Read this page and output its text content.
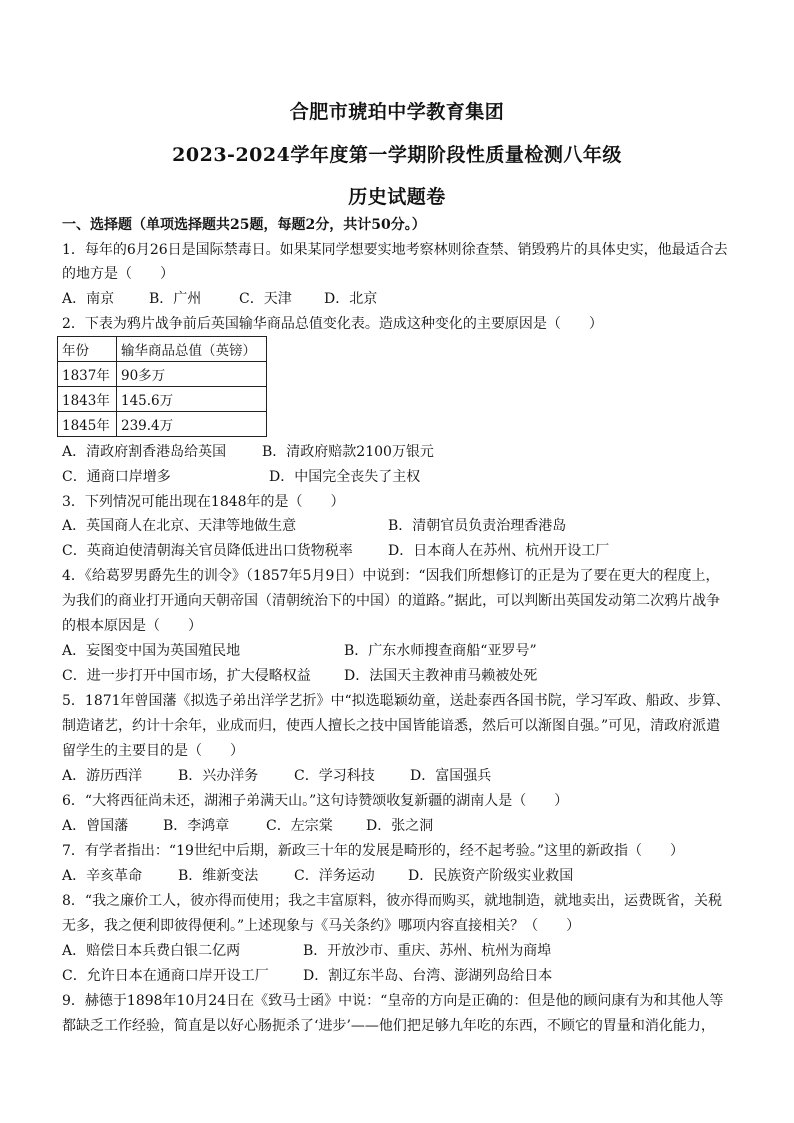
合肥市琥珀中学教育集团
2023-2024学年度第一学期阶段性质量检测八年级
历史试题卷
一、选择题（单项选择题共25题，每题2分，共计50分。）
1．每年的6月26日是国际禁毒日。如果某同学想要实地考察林则徐查禁、销毁鸦片的具体史实，他最适合去
的地方是（　　）
A．南京 B．广州	C．天津 D．北京
2．下表为鸦片战争前后英国输华商品总值变化表。造成这种变化的主要原因是（　　）
年份	输华商品总值（英镑）
1837年	90多万
1843年	145.6万
1845年	239.4万
A．清政府割香港岛给英国	B．清政府赔款2100万银元
C．通商口岸增多	D．中国完全丧失了主权
3．下列情况可能出现在1848年的是（　　）
A．英国商人在北京、天津等地做生意	B．清朝官员负责治理香港岛
C．英商迫使清朝海关官员降低进出口货物税率	D．日本商人在苏州、杭州开设工厂
4．《给葛罗男爵先生的训令》（1857年5月9日）中说到：“因我们所想修订的正是为了要在更大的程度上，
为我们的商业打开通向天朝帝国（清朝统治下的中国）的道路。”据此，可以判断出英国发动第二次鸦片战争
的根本原因是（　　）
A．妄图变中国为英国殖民地	B．广东水师搜查商船“亚罗号”
C．进一步打开中国市场，扩大侵略权益 D．法国天主教神甫马赖被处死
5．1871年曾国藩《拟选子弟出洋学艺折》中“拟选聪颖幼童，送赴泰西各国书院，学习军政、船政、步算、
制造诸艺，约计十余年，业成而归，使西人擅长之技中国皆能谙悉，然后可以渐图自强。”可见，清政府派遣
留学生的主要目的是（　　）
A．游历西洋	B．兴办洋务	C．学习科技	D．富国强兵
6．“大将西征尚未还，湖湘子弟满天山。”这句诗赞颂收复新疆的湖南人是（　　）
A．曾国藩 B．李鸿章	C．左宗棠 D．张之洞
7．有学者指出：“19世纪中后期，新政三十年的发展是畸形的，经不起考验。”这里的新政指（　　）
A．辛亥革命	B．维新变法	C．洋务运动 D．民族资产阶级实业救国
8．“我之廉价工人，彼亦得而使用；我之丰富原料，彼亦得而购买，就地制造，就地卖出，运费既省，关税
无多，我之便利即彼得便利。”上述现象与《马关条约》哪项内容直接相关？（　　）
A．赔偿日本兵费白银二亿两	B．开放沙市、重庆、苏州、杭州为商埠
C．允许日本在通商口岸开设工厂 D．割辽东半岛、台湾、澎湖列岛给日本
9．赫德于1898年10月24日在《致马士函》中说：“皇帝的方向是正确的：但是他的顾问康有为和其他人等
都缺乏工作经验，简直是以好心肠扼杀了‘进步’——他们把足够九年吃的东西，不顾它的胃量和消化能力，
